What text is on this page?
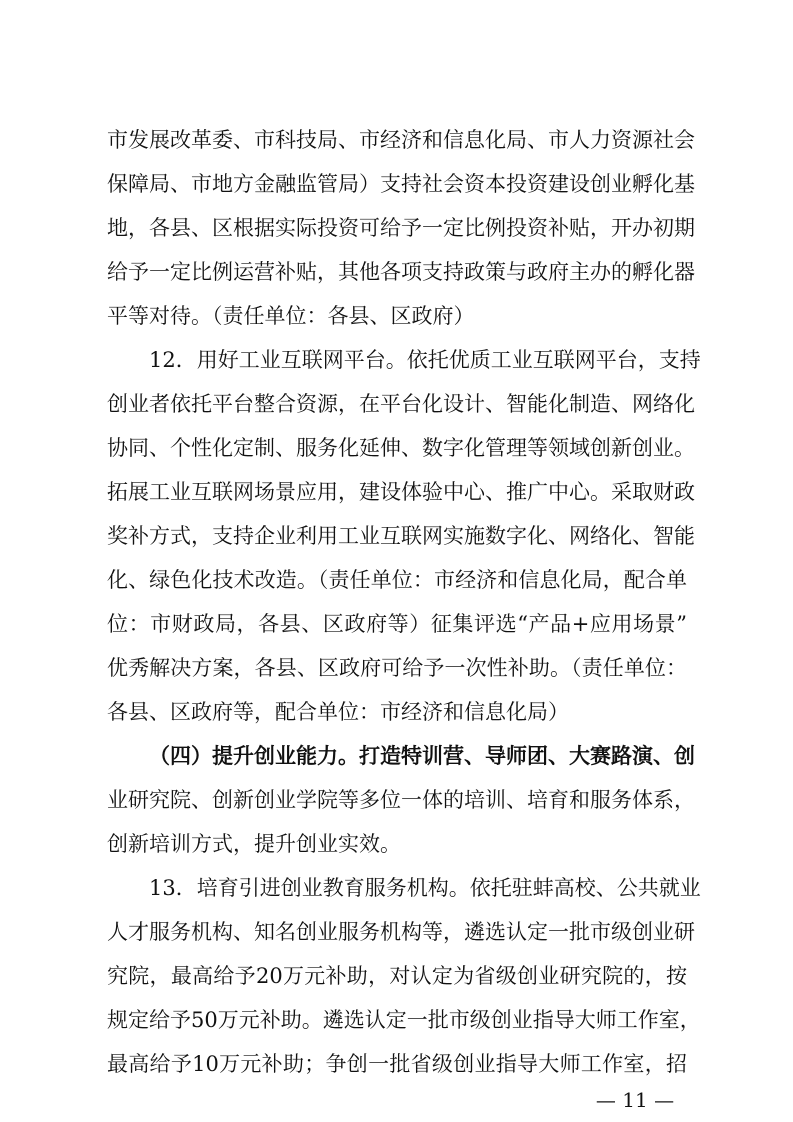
市发展改革委、市科技局、市经济和信息化局、市人力资源社会
保障局、市地方金融监管局）支持社会资本投资建设创业孵化基
地，各县、区根据实际投资可给予一定比例投资补贴，开办初期
给予一定比例运营补贴，其他各项支持政策与政府主办的孵化器
平等对待。（责任单位：各县、区政府）
12．用好工业互联网平台。依托优质工业互联网平台，支持
创业者依托平台整合资源，在平台化设计、智能化制造、网络化
协同、个性化定制、服务化延伸、数字化管理等领域创新创业。
拓展工业互联网场景应用，建设体验中心、推广中心。采取财政
奖补方式，支持企业利用工业互联网实施数字化、网络化、智能
化、绿色化技术改造。（责任单位：市经济和信息化局，配合单
位：市财政局，各县、区政府等）征集评选“产品+应用场景”
优秀解决方案，各县、区政府可给予一次性补助。（责任单位：
各县、区政府等，配合单位：市经济和信息化局）
（四）提升创业能力。打造特训营、导师团、大赛路演、创
业研究院、创新创业学院等多位一体的培训、培育和服务体系，
创新培训方式，提升创业实效。
13．培育引进创业教育服务机构。依托驻蚌高校、公共就业
人才服务机构、知名创业服务机构等，遴选认定一批市级创业研
究院，最高给予20万元补助，对认定为省级创业研究院的，按
规定给予50万元补助。遴选认定一批市级创业指导大师工作室，
最高给予10万元补助；争创一批省级创业指导大师工作室，招
— 11 —
